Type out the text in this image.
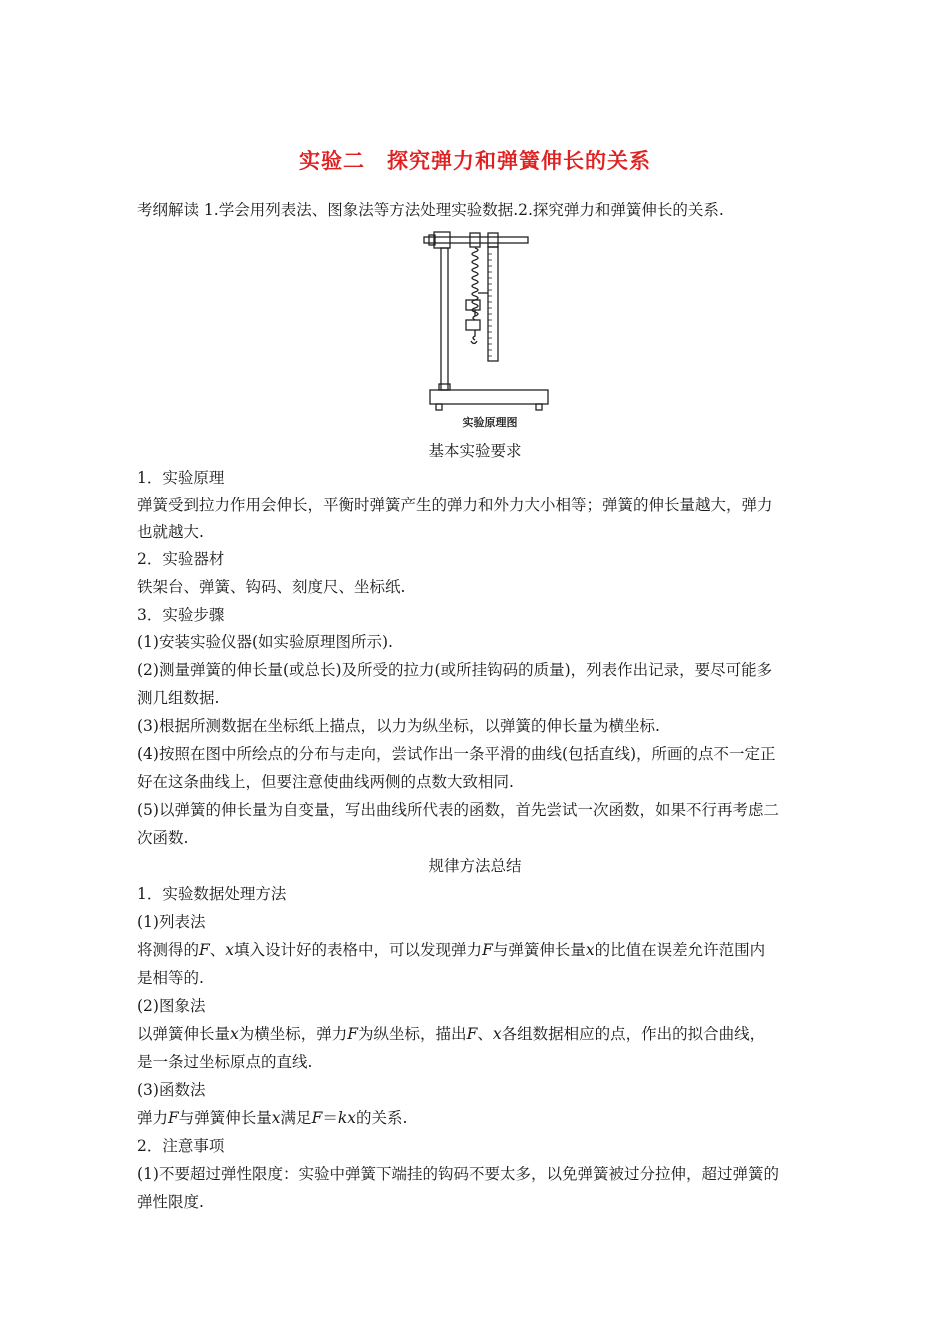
实验二 探究弹力和弹簧伸长的关系
考纲解读 1.学会用列表法、图象法等方法处理实验数据.2.探究弹力和弹簧伸长的关系.
实验原理图
基本实验要求
1．实验原理
弹簧受到拉力作用会伸长，平衡时弹簧产生的弹力和外力大小相等；弹簧的伸长量越大，弹力
也就越大.
2．实验器材
铁架台、弹簧、钩码、刻度尺、坐标纸.
3．实验步骤
(1)安装实验仪器(如实验原理图所示).
(2)测量弹簧的伸长量(或总长)及所受的拉力(或所挂钩码的质量)，列表作出记录，要尽可能多
测几组数据.
(3)根据所测数据在坐标纸上描点，以力为纵坐标，以弹簧的伸长量为横坐标.
(4)按照在图中所绘点的分布与走向，尝试作出一条平滑的曲线(包括直线)，所画的点不一定正
好在这条曲线上，但要注意使曲线两侧的点数大致相同.
(5)以弹簧的伸长量为自变量，写出曲线所代表的函数，首先尝试一次函数，如果不行再考虑二
次函数.
规律方法总结
1．实验数据处理方法
(1)列表法
将测得的F、x填入设计好的表格中，可以发现弹力F与弹簧伸长量x的比值在误差允许范围内
是相等的.
(2)图象法
以弹簧伸长量x为横坐标，弹力F为纵坐标，描出F、x各组数据相应的点，作出的拟合曲线，
是一条过坐标原点的直线.
(3)函数法
弹力F与弹簧伸长量x满足F＝kx的关系.
2．注意事项
(1)不要超过弹性限度：实验中弹簧下端挂的钩码不要太多，以免弹簧被过分拉伸，超过弹簧的
弹性限度.
